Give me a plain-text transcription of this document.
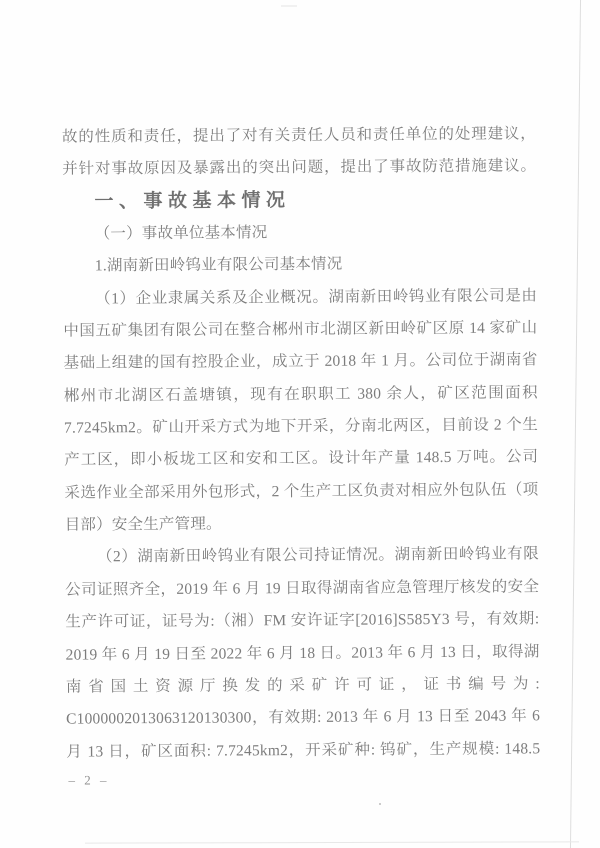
故的性质和责任，提出了对有关责任人员和责任单位的处理建议，
并针对事故原因及暴露出的突出问题，提出了事故防范措施建议。
一、事故基本情况
（一）事故单位基本情况
1.湖南新田岭钨业有限公司基本情况
（1）企业隶属关系及企业概况。湖南新田岭钨业有限公司是由
中国五矿集团有限公司在整合郴州市北湖区新田岭矿区原 14 家矿山
基础上组建的国有控股企业，成立于 2018 年 1 月。公司位于湖南省
郴州市北湖区石盖塘镇，现有在职职工 380 余人，矿区范围面积
7.7245km2。矿山开采方式为地下开采，分南北两区，目前设 2 个生
产工区，即小板垅工区和安和工区。设计年产量 148.5 万吨。公司
采选作业全部采用外包形式，2 个生产工区负责对相应外包队伍（项
目部）安全生产管理。
（2）湖南新田岭钨业有限公司持证情况。湖南新田岭钨业有限
公司证照齐全，2019 年 6 月 19 日取得湖南省应急管理厅核发的安全
生产许可证，证号为:（湘）FM 安许证字[2016]S585Y3 号，有效期:
2019 年 6 月 19 日至 2022 年 6 月 18 日。2013 年 6 月 13 日，取得湖
南省国土资源厅换发的采矿许可证，证书编号为:
C1000002013063120130300，有效期: 2013 年 6 月 13 日至 2043 年 6
月 13 日，矿区面积: 7.7245km2，开采矿种: 钨矿，生产规模: 148.5
– 2 –
